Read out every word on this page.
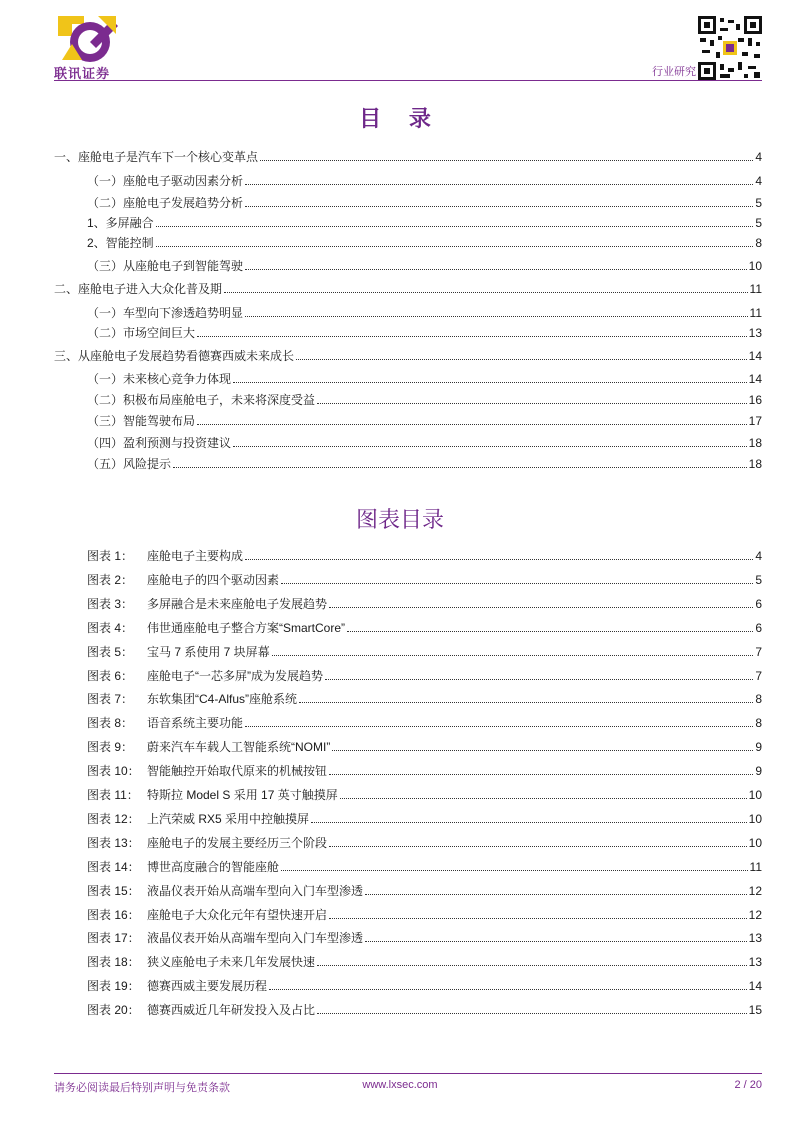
联讯证券	行业研究
目 录
一、座舱电子是汽车下一个核心变革点	4
（一）座舱电子驱动因素分析	4
（二）座舱电子发展趋势分析	5
1、多屏融合	5
2、智能控制	8
（三）从座舱电子到智能驾驶	10
二、座舱电子进入大众化普及期	11
（一）车型向下渗透趋势明显	11
（二）市场空间巨大	13
三、从座舱电子发展趋势看德赛西威未来成长	14
（一）未来核心竞争力体现	14
（二）积极布局座舱电子，未来将深度受益	16
（三）智能驾驶布局	17
（四）盈利预测与投资建议	18
（五）风险提示	18
图表目录
图表 1： 座舱电子主要构成	4
图表 2： 座舱电子的四个驱动因素	5
图表 3： 多屏融合是未来座舱电子发展趋势	6
图表 4： 伟世通座舱电子整合方案“SmartCore”	6
图表 5： 宝马 7 系使用 7 块屏幕	7
图表 6： 座舱电子“一芯多屏”成为发展趋势	7
图表 7： 东软集团“C4-Alfus”座舱系统	8
图表 8： 语音系统主要功能	8
图表 9： 蔚来汽车车载人工智能系统“NOMI”	9
图表 10： 智能触控开始取代原来的机械按钮	9
图表 11： 特斯拉 Model S 采用 17 英寸触摸屏	10
图表 12： 上汽荣威 RX5 采用中控触摸屏	10
图表 13： 座舱电子的发展主要经历三个阶段	10
图表 14： 博世高度融合的智能座舱	11
图表 15： 液晶仪表开始从高端车型向入门车型渗透	12
图表 16： 座舱电子大众化元年有望快速开启	12
图表 17： 液晶仪表开始从高端车型向入门车型渗透	13
图表 18： 狭义座舱电子未来几年发展快速	13
图表 19： 德赛西威主要发展历程	14
图表 20： 德赛西威近几年研发投入及占比	15
请务必阅读最后特别声明与免责条款	www.lxsec.com	2 / 20
